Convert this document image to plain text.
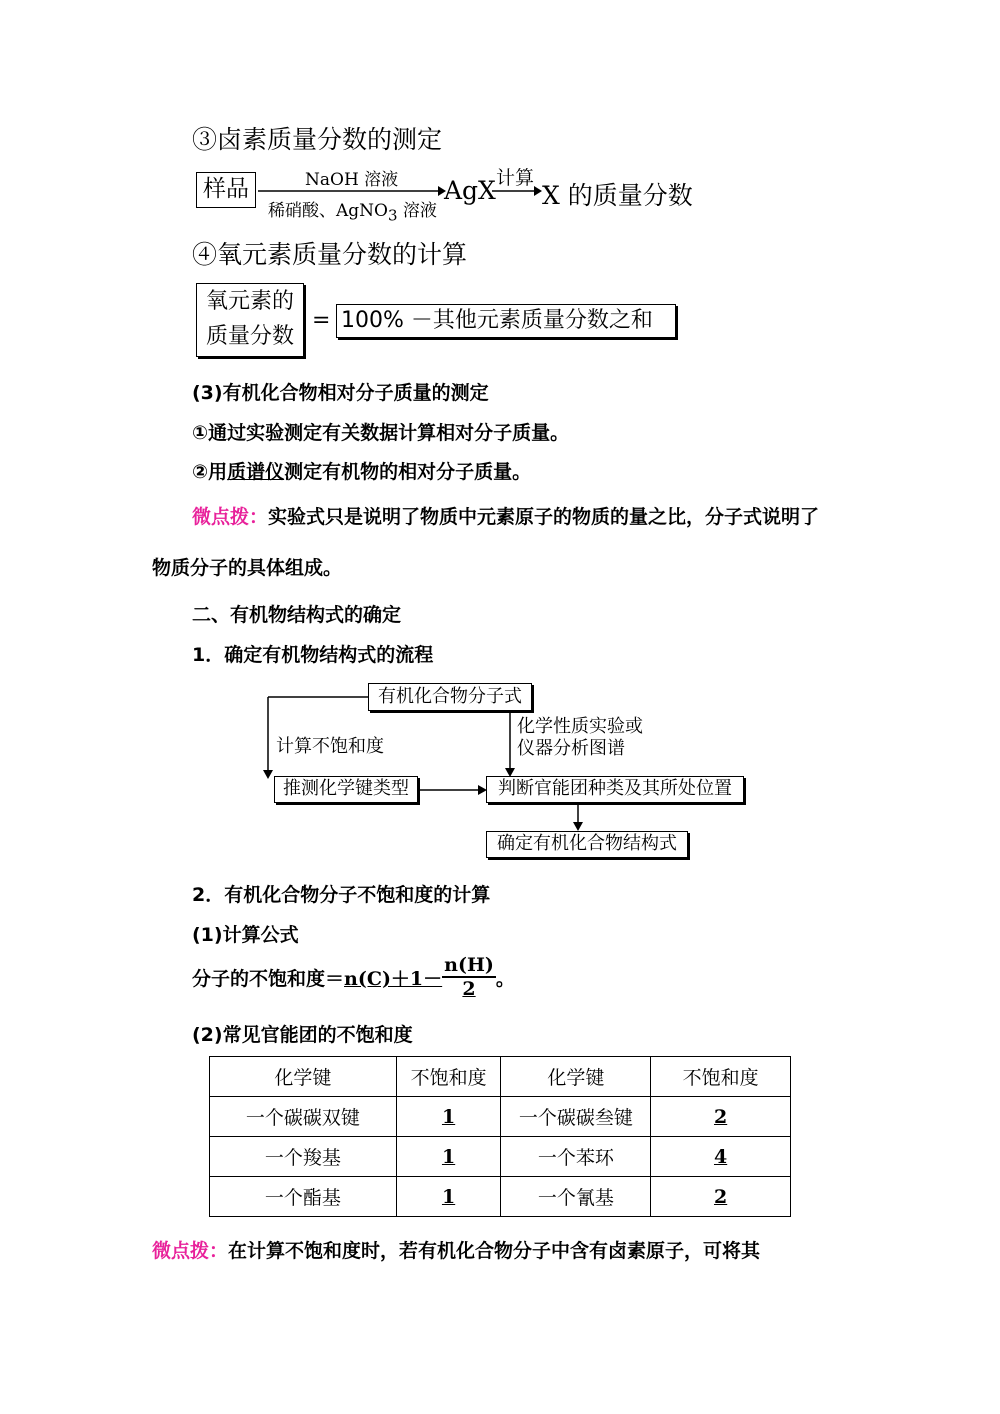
③卤素质量分数的测定
样品	NaOH 溶液
稀硝酸、AgNO$_3$ 溶液
AgX 计算
X 的质量分数
④氧元素质量分数的计算
氧元素的
质量分数
= 100% －其他元素质量分数之和
(3)有机化合物相对分子质量的测定
①通过实验测定有关数据计算相对分子质量。
②用质谱仪测定有机物的相对分子质量。
微点拨：实验式只是说明了物质中元素原子的物质的量之比，分子式说明了
物质分子的具体组成。
二、有机物结构式的确定
1．确定有机物结构式的流程
有机化合物分子式
计算不饱和度
化学性质实验或
仪器分析图谱
推测化学键类型	判断官能团种类及其所处位置
确定有机化合物结构式
2．有机化合物分子不饱和度的计算
(1)计算公式
分子的不饱和度$=n(C)+1- \frac{n(H)}{2}$ 。
(2)常见官能团的不饱和度
化学键	不饱和度	化学键	不饱和度
一个碳碳双键	1	一个碳碳叁键	2
一个羧基	1	一个苯环	4
一个酯基	1	一个氰基	2
微点拨：在计算不饱和度时，若有机化合物分子中含有卤素原子，可将其
